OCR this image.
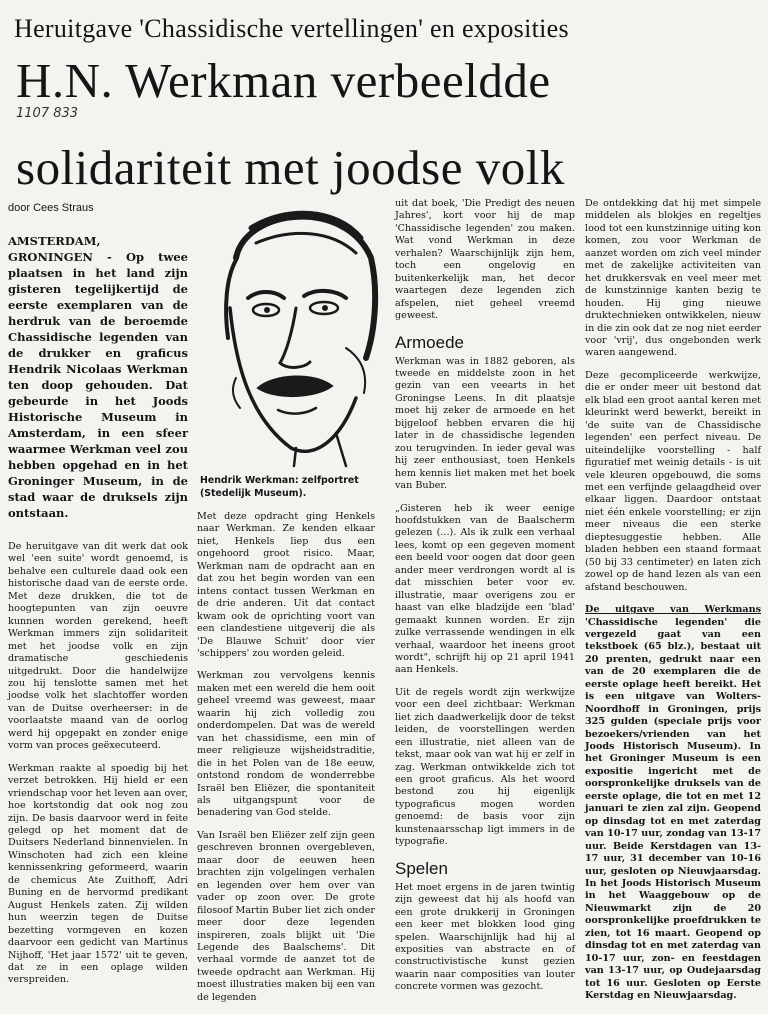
Heruitgave 'Chassidische vertellingen' en exposities
H.N. Werkman verbeeldde
solidariteit met joodse volk
1107 833
door Cees Straus
AMSTERDAM, GRONINGEN - Op twee plaatsen in het land zijn gisteren tegelijkertijd de eerste exemplaren van de herdruk van de beroemde Chassidische legenden van de drukker en graficus Hendrik Nicolaas Werkman ten doop gehouden. Dat gebeurde in het Joods Historische Museum in Amsterdam, in een sfeer waarmee Werkman veel zou hebben opgehad en in het Groninger Museum, in de stad waar de druksels zijn ontstaan.

De heruitgave van dit werk dat ook wel 'een suite' wordt genoemd, is behalve een culturele daad ook een historische daad van de eerste orde. Met deze drukken, die tot de hoogtepunten van zijn oeuvre kunnen worden gerekend, heeft Werkman immers zijn solidariteit met het joodse volk en zijn dramatische geschiedenis uitgedrukt. Door die handelwijze zou hij tenslotte samen met het joodse volk het slachtoffer worden van de Duitse overheerser: in de voorlaatste maand van de oorlog werd hij opgepakt en zonder enige vorm van proces geëxecuteerd.

Werkman raakte al spoedig bij het verzet betrokken. Hij hield er een vriendschap voor het leven aan over, hoe kortstondig dat ook nog zou zijn. De basis daarvoor werd in feite gelegd op het moment dat de Duitsers Nederland binnenvielen. In Winschoten had zich een kleine kennissenkring geformeerd, waarin de chemicus Ate Zuithoff, Adri Buning en de hervormd predikant August Henkels zaten. Zij wilden hun weerzin tegen de Duitse bezetting vormgeven en kozen daarvoor een gedicht van Martinus Nijhoff, 'Het jaar 1572' uit te geven, dat ze in een oplage wilden verspreiden.

Hendrik Werkman: zelfportret (Stedelijk Museum).

Met deze opdracht ging Henkels naar Werkman. Ze kenden elkaar niet, Henkels liep dus een ongehoord groot risico. Maar, Werkman nam de opdracht aan en dat zou het begin worden van een intens contact tussen Werkman en de drie anderen. Uit dat contact kwam ook de oprichting voort van een clandestiene uitgeverij die als 'De Blauwe Schuit' door vier 'schippers' zou worden geleid.

Werkman zou vervolgens kennis maken met een wereld die hem ooit geheel vreemd was geweest, maar waarin hij zich volledig zou onderdompelen. Dat was de wereld van het chassidisme, een min of meer religieuze wijsheidstraditie, die in het Polen van de 18e eeuw, ontstond rondom de wonderrebbe Israël ben Eliëzer, die spontaniteit als uitgangspunt voor de benadering van God stelde.

Van Israël ben Eliëzer zelf zijn geen geschreven bronnen overgebleven, maar door de eeuwen heen brachten zijn volgelingen verhalen en legenden over hem over van vader op zoon over. De grote filosoof Martin Buber liet zich onder meer door deze legenden inspireren, zoals blijkt uit 'Die Legende des Baalschems'. Dit verhaal vormde de aanzet tot de tweede opdracht aan Werkman. Hij moest illustraties maken bij een van de legenden

uit dat boek, 'Die Predigt des neuen Jahres', kort voor hij de map 'Chassidische legenden' zou maken. Wat vond Werkman in deze verhalen? Waarschijnlijk zijn hem, toch een ongelovig en buitenkerkelijk man, het decor waartegen deze legenden zich afspelen, niet geheel vreemd geweest.

Armoede

Werkman was in 1882 geboren, als tweede en middelste zoon in het gezin van een veearts in het Groningse Leens. In dit plaatsje moet hij zeker de armoede en het bijgeloof hebben ervaren die hij later in de chassidische legenden zou terugvinden. In ieder geval was hij zeer enthousiast, toen Henkels hem kennis liet maken met het boek van Buber.

„Gisteren heb ik weer eenige hoofdstukken van de Baalscherm gelezen (...). Als ik zulk een verhaal lees, komt op een gegeven moment een beeld voor oogen dat door geen ander meer verdrongen wordt al is dat misschien beter voor ev. illustratie, maar overigens zou er haast van elke bladzijde een 'blad' gemaakt kunnen worden. Er zijn zulke verrassende wendingen in elk verhaal, waardoor het ineens groot wordt", schrijft hij op 21 april 1941 aan Henkels.

Uit de regels wordt zijn werkwijze voor een deel zichtbaar: Werkman liet zich daadwerkelijk door de tekst leiden, de voorstellingen werden een illustratie, niet alleen van de tekst, maar ook van wat hij er zelf in zag. Werkman ontwikkelde zich tot een groot graficus. Als het woord bestond zou hij eigenlijk typograficus mogen worden genoemd: de basis voor zijn kunstenaarsschap ligt immers in de typografie.

Spelen

Het moet ergens in de jaren twintig zijn geweest dat hij als hoofd van een grote drukkerij in Groningen een keer met blokken lood ging spelen. Waarschijnlijk had hij al exposities van abstracte en of constructivistische kunst gezien waarin naar composities van louter concrete vormen was gezocht.

De ontdekking dat hij met simpele middelen als blokjes en regeltjes lood tot een kunstzinnige uiting kon komen, zou voor Werkman de aanzet worden om zich veel minder met de zakelijke activiteiten van het drukkersvak en veel meer met de kunstzinnige kanten bezig te houden. Hij ging nieuwe druktechnieken ontwikkelen, nieuw in die zin ook dat ze nog niet eerder voor 'vrij', dus ongebonden werk waren aangewend.

Deze gecompliceerde werkwijze, die er onder meer uit bestond dat elk blad een groot aantal keren met kleurinkt werd bewerkt, bereikt in 'de suite van de Chassidische legenden' een perfect niveau. De uiteindelijke voorstelling - half figuratief met weinig details - is uit vele kleuren opgebouwd, die soms met een verfijnde gelaagdheid over elkaar liggen. Daardoor ontstaat niet één enkele voorstelling; er zijn meer niveaus die een sterke dieptesuggestie hebben. Alle bladen hebben een staand formaat (50 bij 33 centimeter) en laten zich zowel op de hand lezen als van een afstand beschouwen.

De uitgave van Werkmans 'Chassidische legenden' die vergezeld gaat van een tekstboek (65 blz.), bestaat uit 20 prenten, gedrukt naar een van de 20 exemplaren die de eerste oplage heeft bereikt. Het is een uitgave van Wolters-Noordhoff in Groningen, prijs 325 gulden (speciale prijs voor bezoekers/vrienden van het Joods Historisch Museum). In het Groninger Museum is een expositie ingericht met de oorspronkelijke druksels van de eerste oplage, die tot en met 12 januari te zien zal zijn. Geopend op dinsdag tot en met zaterdag van 10-17 uur, zondag van 13-17 uur. Beide Kerstdagen van 13-17 uur, 31 december van 10-16 uur, gesloten op Nieuwjaarsdag. In het Joods Historisch Museum in het Waaggebouw op de Nieuwmarkt zijn de 20 oorspronkelijke proefdrukken te zien, tot 16 maart. Geopend op dinsdag tot en met zaterdag van 10-17 uur, zon- en feestdagen van 13-17 uur, op Oudejaarsdag tot 16 uur. Gesloten op Eerste Kerstdag en Nieuwjaarsdag.
